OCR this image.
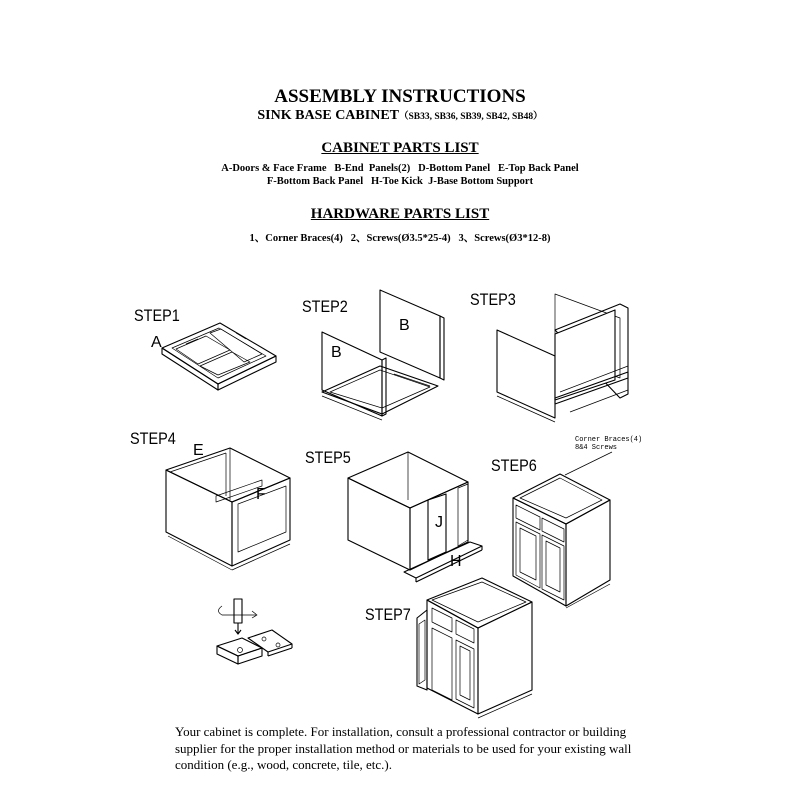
ASSEMBLY INSTRUCTIONS
SINK BASE CABINET（SB33, SB36, SB39, SB42, SB48）
CABINET PARTS LIST
A-Doors & Face Frame   B-End  Panels(2)   D-Bottom Panel   E-Top Back Panel
F-Bottom Back Panel   H-Toe Kick  J-Base Bottom Support
HARDWARE PARTS LIST
1、Corner Braces(4)   2、Screws(Ø3.5*25-4)   3、Screws(Ø3*12-8)
STEP1
A
STEP2
B
B
STEP3
STEP4
E
F
STEP5
J
H
STEP6
Corner Braces(4)
8&4 Screws
STEP7
Your cabinet is complete. For installation, consult a professional contractor or building supplier for the proper installation method or materials to be used for your existing wall condition (e.g., wood, concrete, tile, etc.).
